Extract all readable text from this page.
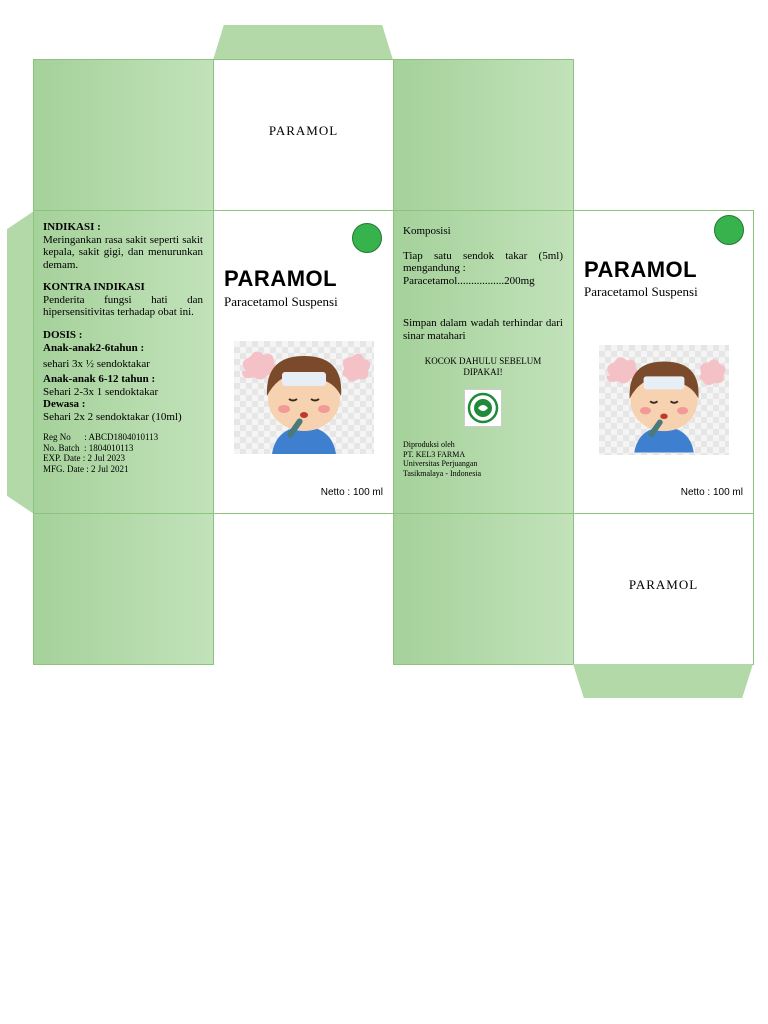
PARAMOL
INDIKASI :
Meringankan rasa sakit seperti sakit kepala, sakit gigi, dan menurunkan demam.
KONTRA INDIKASI
Penderita fungsi hati dan hipersensitivitas terhadap obat ini.
DOSIS :
Anak-anak2-6tahun :
sehari 3x ½ sendoktakar
Anak-anak 6-12 tahun :
Sehari 2-3x 1 sendoktakar
Dewasa :
Sehari 2x 2 sendoktakar (10ml)
Reg No      : ABCD1804010113
No. Batch  : 1804010113
EXP. Date : 2 Jul 2023
MFG. Date : 2 Jul 2021
PARAMOL
Paracetamol Suspensi
Netto : 100 ml
Komposisi
Tiap satu sendok takar (5ml) mengandung :
Paracetamol.................200mg
Simpan dalam wadah terhindar dari sinar matahari
KOCOK DAHULU SEBELUM DIPAKAI!
Diproduksi oleh
PT. KEL3 FARMA
Universitas Perjuangan
Tasikmalaya - Indonesia
PARAMOL
Paracetamol Suspensi
Netto : 100 ml
PARAMOL
